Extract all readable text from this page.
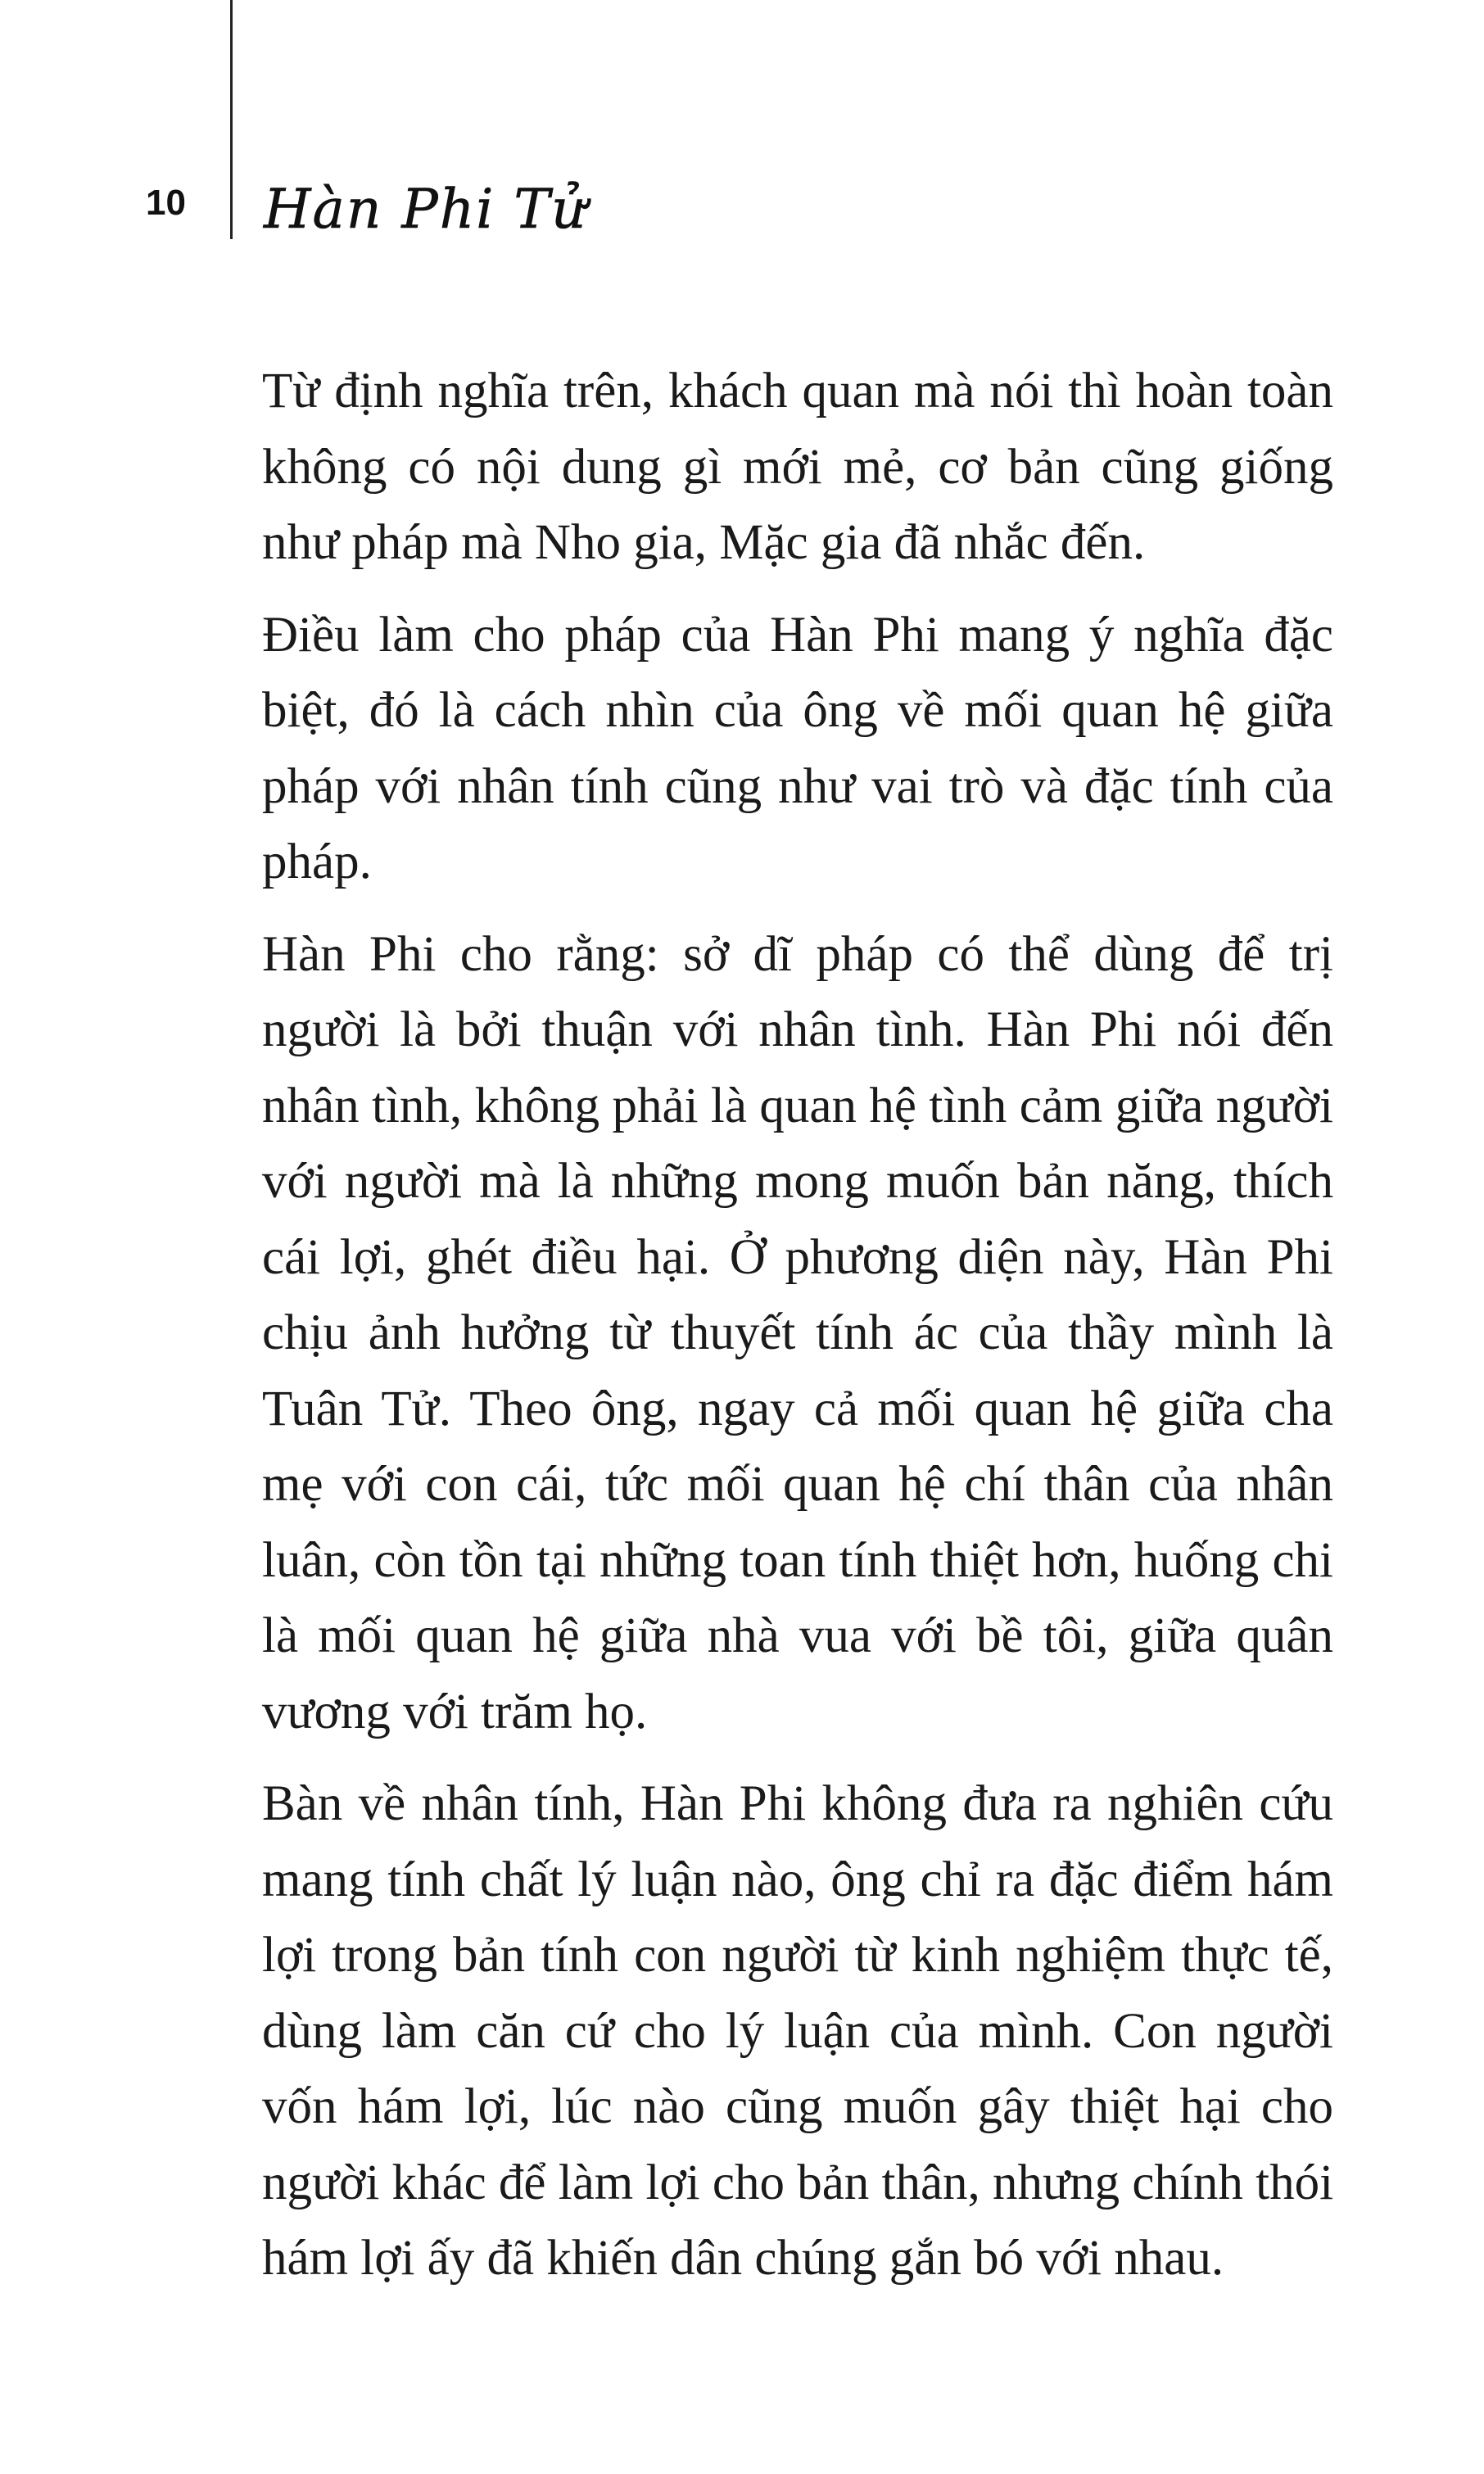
10 Hàn Phi Tử

Từ định nghĩa trên, khách quan mà nói thì hoàn toàn không có nội dung gì mới mẻ, cơ bản cũng giống như pháp mà Nho gia, Mặc gia đã nhắc đến.

Điều làm cho pháp của Hàn Phi mang ý nghĩa đặc biệt, đó là cách nhìn của ông về mối quan hệ giữa pháp với nhân tính cũng như vai trò và đặc tính của pháp.

Hàn Phi cho rằng: sở dĩ pháp có thể dùng để trị người là bởi thuận với nhân tình. Hàn Phi nói đến nhân tình, không phải là quan hệ tình cảm giữa người với người mà là những mong muốn bản năng, thích cái lợi, ghét điều hại. Ở phương diện này, Hàn Phi chịu ảnh hưởng từ thuyết tính ác của thầy mình là Tuân Tử. Theo ông, ngay cả mối quan hệ giữa cha mẹ với con cái, tức mối quan hệ chí thân của nhân luân, còn tồn tại những toan tính thiệt hơn, huống chi là mối quan hệ giữa nhà vua với bề tôi, giữa quân vương với trăm họ.

Bàn về nhân tính, Hàn Phi không đưa ra nghiên cứu mang tính chất lý luận nào, ông chỉ ra đặc điểm hám lợi trong bản tính con người từ kinh nghiệm thực tế, dùng làm căn cứ cho lý luận của mình. Con người vốn hám lợi, lúc nào cũng muốn gây thiệt hại cho người khác để làm lợi cho bản thân, nhưng chính thói hám lợi ấy đã khiến dân chúng gắn bó với nhau.
